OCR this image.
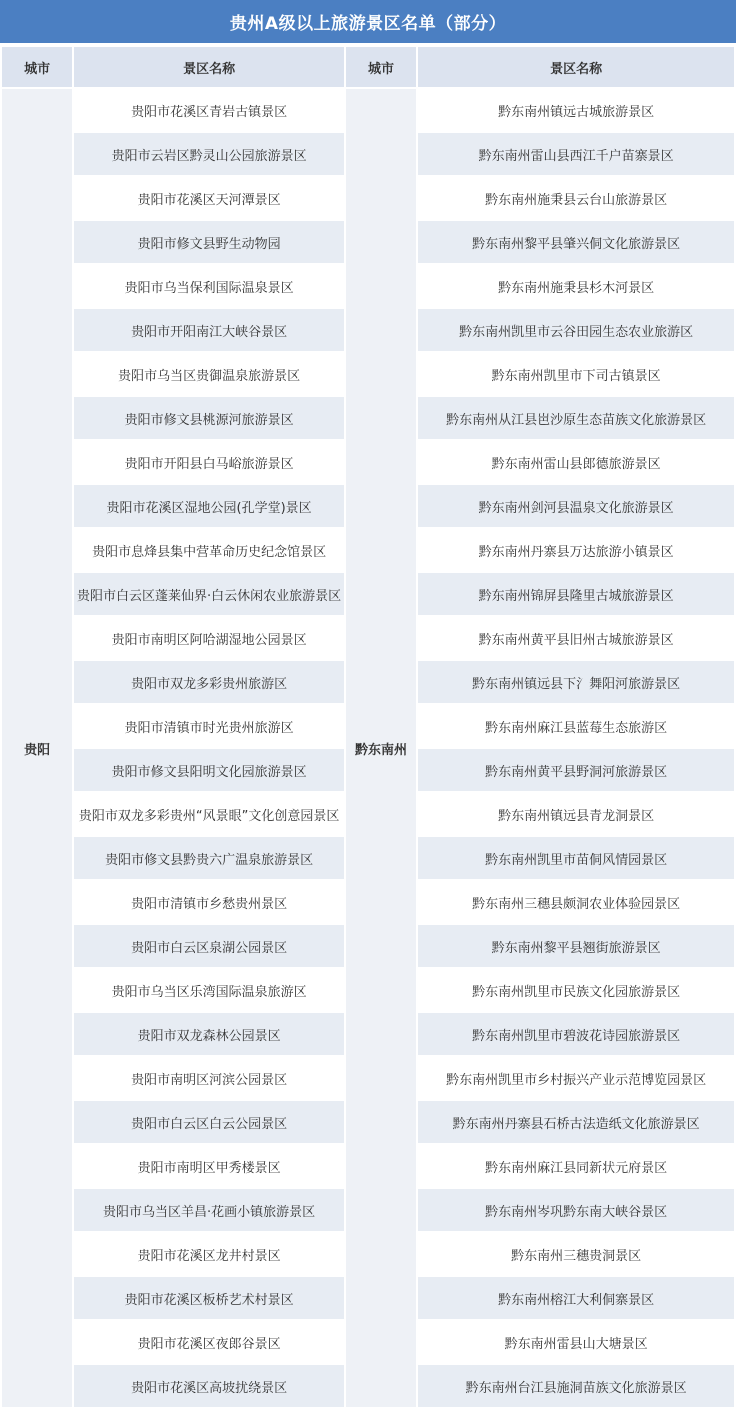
贵州A级以上旅游景区名单（部分）
城市	景区名称	城市	景区名称
贵阳	贵阳市花溪区青岩古镇景区	黔东南州	黔东南州镇远古城旅游景区
	贵阳市云岩区黔灵山公园旅游景区		黔东南州雷山县西江千户苗寨景区
	贵阳市花溪区天河潭景区		黔东南州施秉县云台山旅游景区
	贵阳市修文县野生动物园		黔东南州黎平县肇兴侗文化旅游景区
	贵阳市乌当保利国际温泉景区		黔东南州施秉县杉木河景区
	贵阳市开阳南江大峡谷景区		黔东南州凯里市云谷田园生态农业旅游区
	贵阳市乌当区贵御温泉旅游景区		黔东南州凯里市下司古镇景区
	贵阳市修文县桃源河旅游景区		黔东南州从江县岜沙原生态苗族文化旅游景区
	贵阳市开阳县白马峪旅游景区		黔东南州雷山县郎德旅游景区
	贵阳市花溪区湿地公园(孔学堂)景区		黔东南州剑河县温泉文化旅游景区
	贵阳市息烽县集中营革命历史纪念馆景区		黔东南州丹寨县万达旅游小镇景区
	贵阳市白云区蓬莱仙界·白云休闲农业旅游景区		黔东南州锦屏县隆里古城旅游景区
	贵阳市南明区阿哈湖湿地公园景区		黔东南州黄平县旧州古城旅游景区
	贵阳市双龙多彩贵州旅游区		黔东南州镇远县下氵舞阳河旅游景区
	贵阳市清镇市时光贵州旅游区		黔东南州麻江县蓝莓生态旅游区
	贵阳市修文县阳明文化园旅游景区		黔东南州黄平县野洞河旅游景区
	贵阳市双龙多彩贵州“风景眼”文化创意园景区		黔东南州镇远县青龙洞景区
	贵阳市修文县黔贵六广温泉旅游景区		黔东南州凯里市苗侗风情园景区
	贵阳市清镇市乡愁贵州景区		黔东南州三穗县颇洞农业体验园景区
	贵阳市白云区泉湖公园景区		黔东南州黎平县翘街旅游景区
	贵阳市乌当区乐湾国际温泉旅游区		黔东南州凯里市民族文化园旅游景区
	贵阳市双龙森林公园景区		黔东南州凯里市碧波花诗园旅游景区
	贵阳市南明区河滨公园景区		黔东南州凯里市乡村振兴产业示范博览园景区
	贵阳市白云区白云公园景区		黔东南州丹寨县石桥古法造纸文化旅游景区
	贵阳市南明区甲秀楼景区		黔东南州麻江县同新状元府景区
	贵阳市乌当区羊昌·花画小镇旅游景区		黔东南州岑巩黔东南大峡谷景区
	贵阳市花溪区龙井村景区		黔东南州三穗贵洞景区
	贵阳市花溪区板桥艺术村景区		黔东南州榕江大利侗寨景区
	贵阳市花溪区夜郎谷景区		黔东南州雷县山大塘景区
	贵阳市花溪区高坡扰绕景区		黔东南州台江县施洞苗族文化旅游景区
